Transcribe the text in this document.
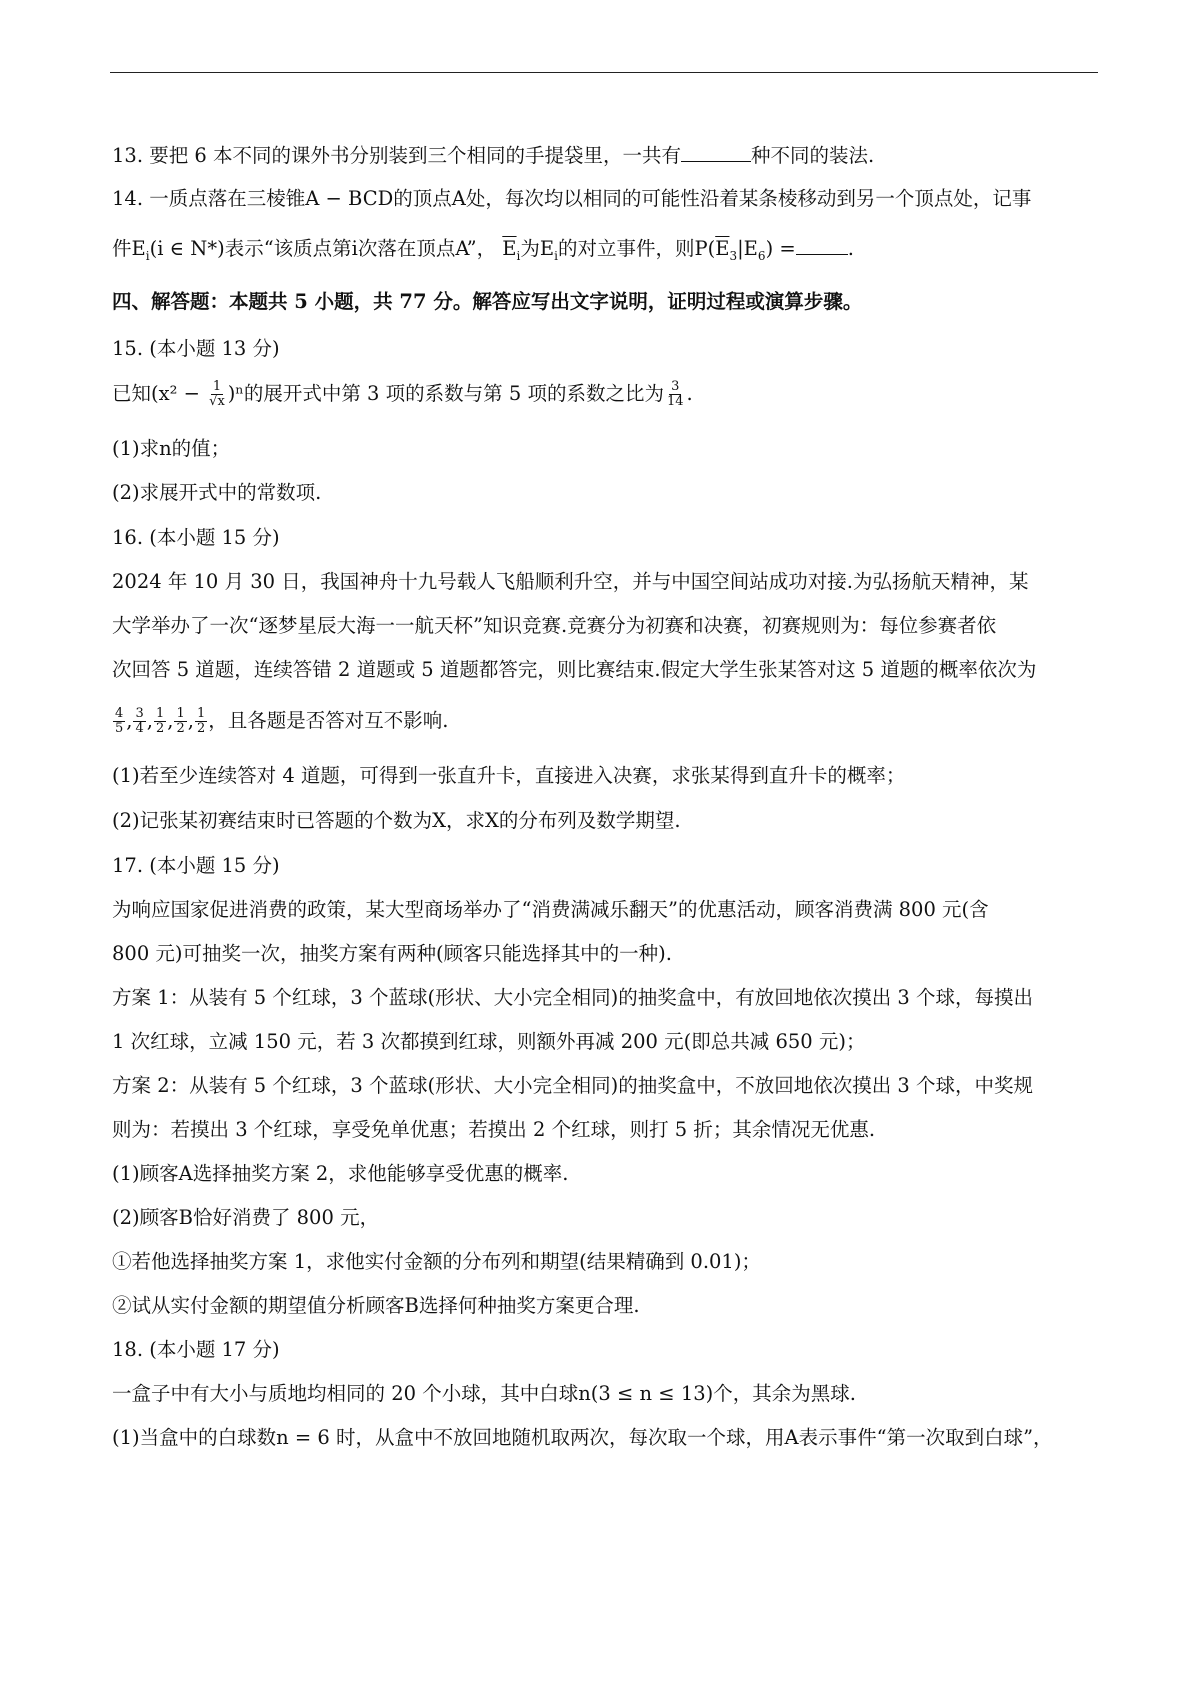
13. 要把 6 本不同的课外书分别装到三个相同的手提袋里，一共有	种不同的装法.
14. 一质点落在三棱锥A − BCD的顶点A处，每次均以相同的可能性沿着某条棱移动到另一个顶点处，记事
件$E_i(i$ ∈ N*)表示“该质点第i次落在顶点A”， $\overline{E}_i$为$E_i$的对立事件，则$P(\overline{E}_3|E_6)$ =	.
四、解答题：本题共 5 小题，共 77 分。解答应写出文字说明，证明过程或演算步骤。
15. (本小题 13 分)
已知$(x^2 - \frac{1}{√x} )^n$的展开式中第 3 项的系数与第 5 项的系数之比为 $\frac{3}{14}$ .
(1)求n的值；
(2)求展开式中的常数项.
16. (本小题 15 分)
2024 年 10 月 30 日，我国神舟十九号载人飞船顺利升空，并与中国空间站成功对接.为弘扬航天精神，某
大学举办了一次“逐梦星辰大海一一航天杯”知识竞赛.竞赛分为初赛和决赛，初赛规则为：每位参赛者依
次回答 5 道题，连续答错 2 道题或 5 道题都答完，则比赛结束.假定大学生张某答对这 5 道题的概率依次为
$\frac{4}{5}$ , $\frac{3}{4}$ , $\frac{1}{2}$ , $\frac{1}{2}$ , $\frac{1}{2}$ ，且各题是否答对互不影响.
(1)若至少连续答对 4 道题，可得到一张直升卡，直接进入决赛，求张某得到直升卡的概率；
(2)记张某初赛结束时已答题的个数为X，求X的分布列及数学期望.
17. (本小题 15 分)
为响应国家促进消费的政策，某大型商场举办了“消费满减乐翻天”的优惠活动，顾客消费满 800 元(含
800 元)可抽奖一次，抽奖方案有两种(顾客只能选择其中的一种).
方案 1：从装有 5 个红球，3 个蓝球(形状、大小完全相同)的抽奖盒中，有放回地依次摸出 3 个球，每摸出
1 次红球，立减 150 元，若 3 次都摸到红球，则额外再减 200 元(即总共减 650 元)；
方案 2：从装有 5 个红球，3 个蓝球(形状、大小完全相同)的抽奖盒中，不放回地依次摸出 3 个球，中奖规
则为：若摸出 3 个红球，享受免单优惠；若摸出 2 个红球，则打 5 折；其余情况无优惠.
(1)顾客A选择抽奖方案 2，求他能够享受优惠的概率.
(2)顾客B恰好消费了 800 元，
①若他选择抽奖方案 1，求他实付金额的分布列和期望(结果精确到 0.01)；
②试从实付金额的期望值分析顾客B选择何种抽奖方案更合理.
18. (本小题 17 分)
一盒子中有大小与质地均相同的 20 个小球，其中白球n(3 ≤ n ≤ 13)个，其余为黑球.
(1)当盒中的白球数n = 6 时，从盒中不放回地随机取两次，每次取一个球，用A表示事件“第一次取到白球”，
